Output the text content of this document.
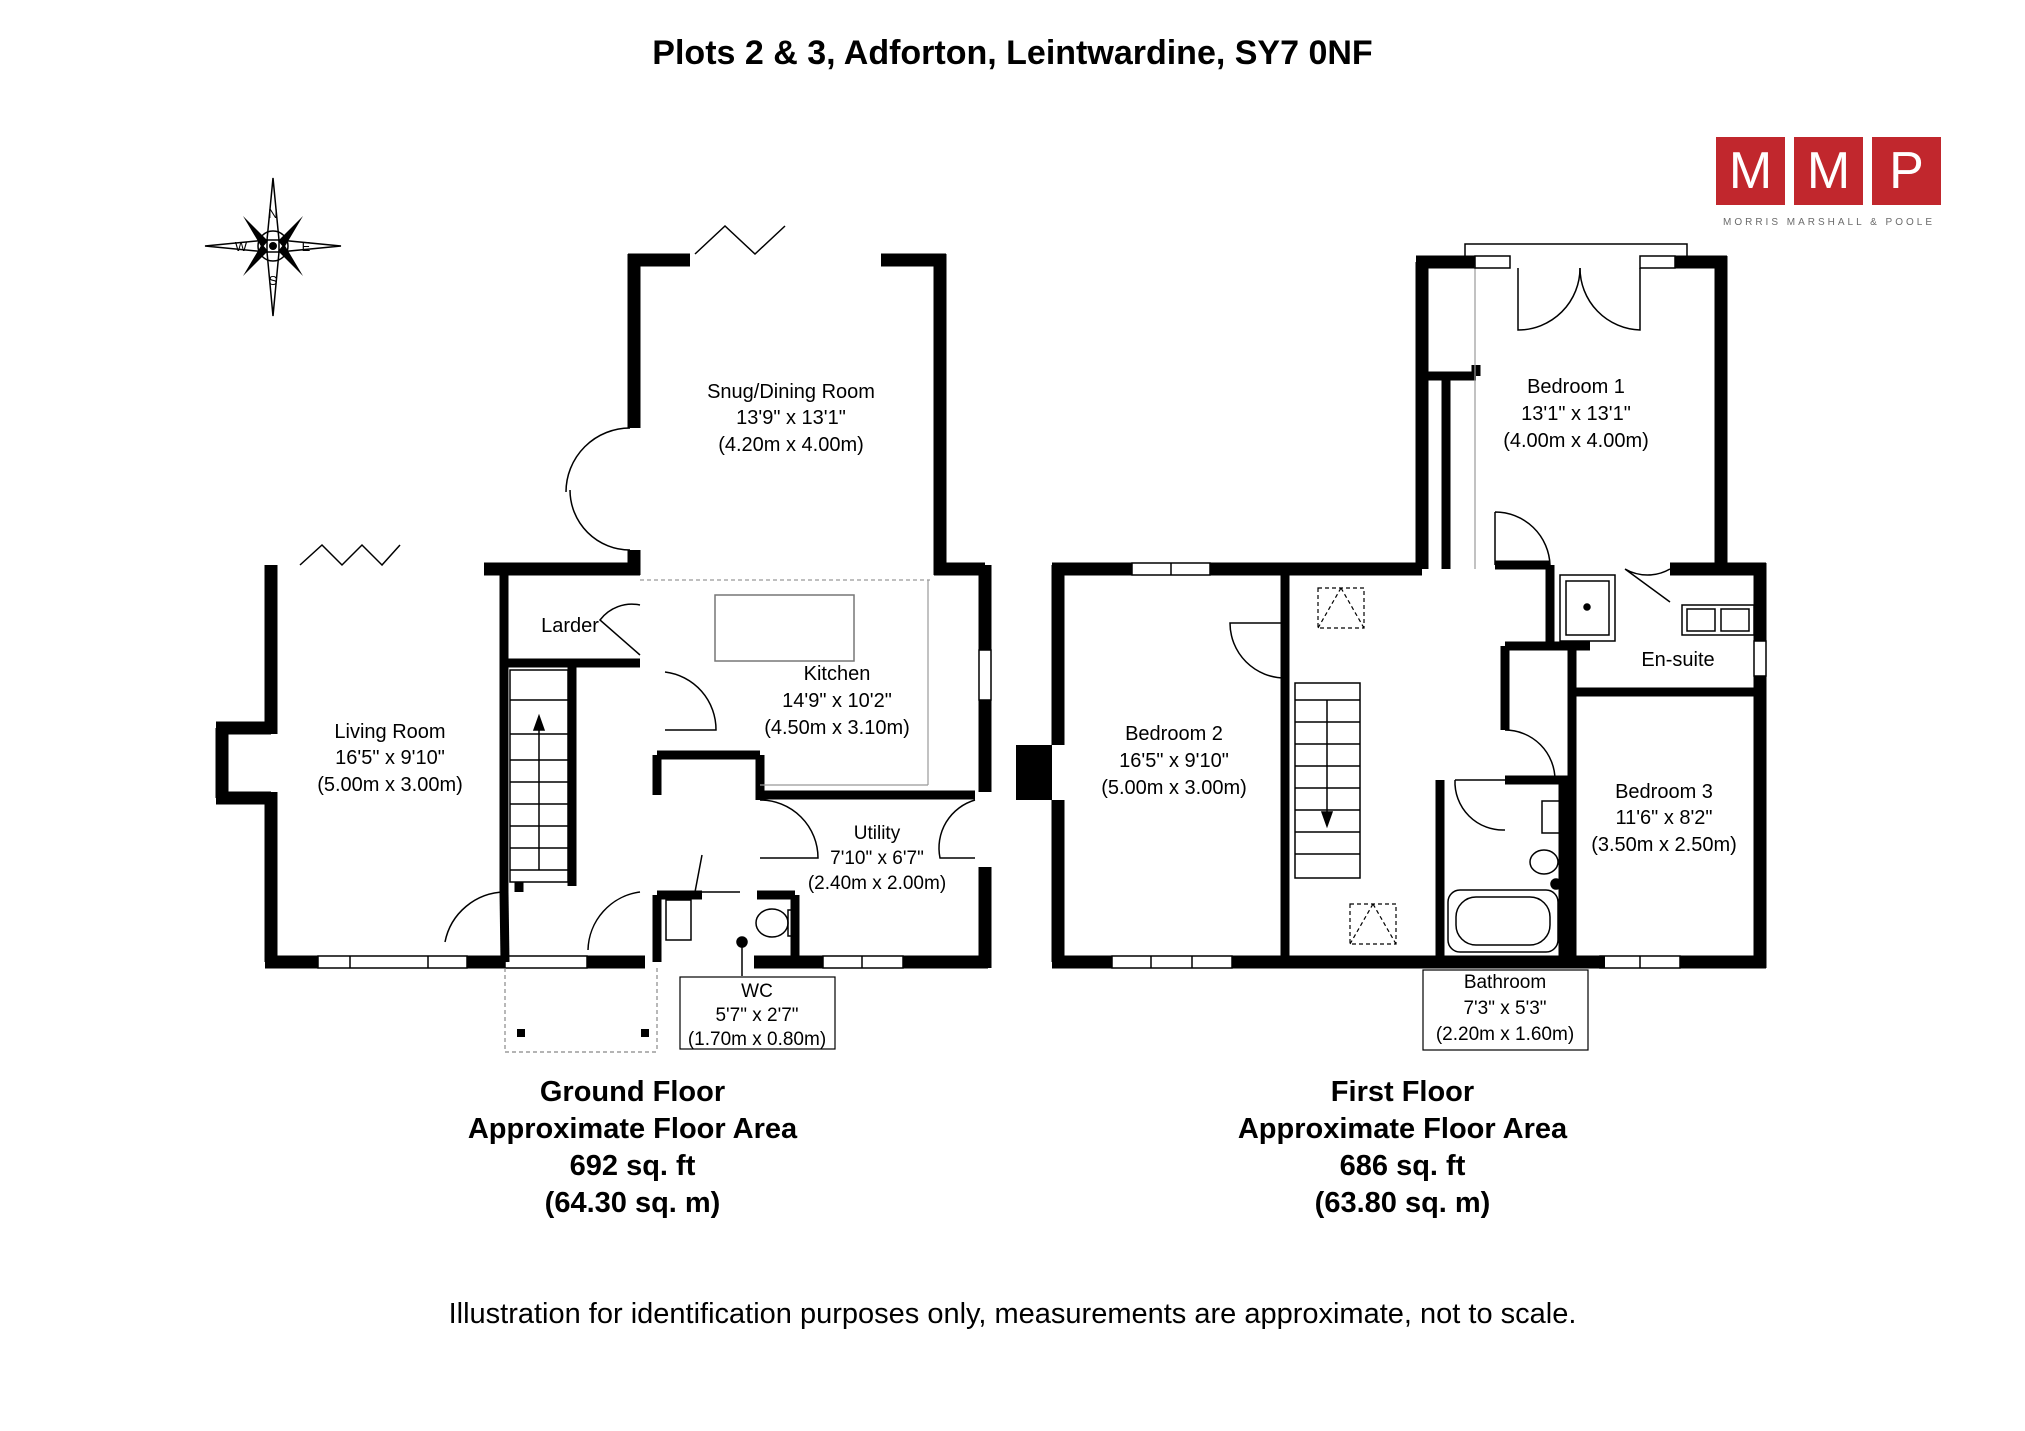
Plots 2 & 3, Adforton, Leintwardine, SY7 0NF
M M P
MORRIS MARSHALL & POOLE
N
E
S
W
Snug/Dining Room
13'9" x 13'1"
(4.20m x 4.00m)
Larder
Kitchen
14'9" x 10'2"
(4.50m x 3.10m)
Living Room
16'5" x 9'10"
(5.00m x 3.00m)
Utility
7'10" x 6'7"
(2.40m x 2.00m)
WC
5'7" x 2'7"
(1.70m x 0.80m)
Bedroom 1
13'1" x 13'1"
(4.00m x 4.00m)
Bedroom 2
16'5" x 9'10"
(5.00m x 3.00m)
En-suite
Bedroom 3
11'6" x 8'2"
(3.50m x 2.50m)
Bathroom
7'3" x 5'3"
(2.20m x 1.60m)
Ground Floor
Approximate Floor Area
692 sq. ft
(64.30 sq. m)
First Floor
Approximate Floor Area
686 sq. ft
(63.80 sq. m)
Illustration for identification purposes only, measurements are approximate, not to scale.
